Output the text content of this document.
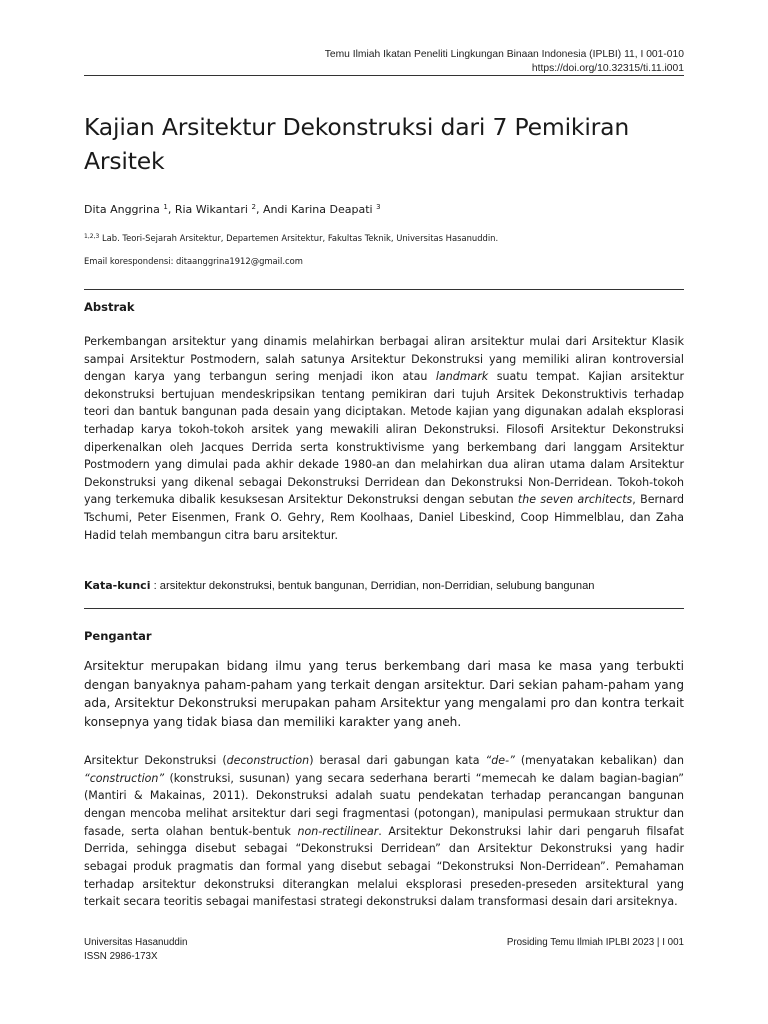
Temu Ilmiah Ikatan Peneliti Lingkungan Binaan Indonesia (IPLBI) 11, I 001-010
https://doi.org/10.32315/ti.11.i001
Kajian Arsitektur Dekonstruksi dari 7 Pemikiran Arsitek
Dita Anggrina $^1$, Ria Wikantari $^2$, Andi Karina Deapati $^3$
$^{1,2,3}$ Lab. Teori-Sejarah Arsitektur, Departemen Arsitektur, Fakultas Teknik, Universitas Hasanuddin.
Email korespondensi: ditaanggrina1912@gmail.com
Abstrak

Perkembangan arsitektur yang dinamis melahirkan berbagai aliran arsitektur mulai dari Arsitektur Klasik sampai Arsitektur Postmodern, salah satunya Arsitektur Dekonstruksi yang memiliki aliran kontroversial dengan karya yang terbangun sering menjadi ikon atau landmark suatu tempat. Kajian arsitektur dekonstruksi bertujuan mendeskripsikan tentang pemikiran dari tujuh Arsitek Dekonstruktivis terhadap teori dan bantuk bangunan pada desain yang diciptakan. Metode kajian yang digunakan adalah eksplorasi terhadap karya tokoh-tokoh arsitek yang mewakili aliran Dekonstruksi. Filosofi Arsitektur Dekonstruksi diperkenalkan oleh Jacques Derrida serta konstruktivisme yang berkembang dari langgam Arsitektur Postmodern yang dimulai pada akhir dekade 1980-an dan melahirkan dua aliran utama dalam Arsitektur Dekonstruksi yang dikenal sebagai Dekonstruksi Derridean dan Dekonstruksi Non-Derridean. Tokoh-tokoh yang terkemuka dibalik kesuksesan Arsitektur Dekonstruksi dengan sebutan the seven architects, Bernard Tschumi, Peter Eisenmen, Frank O. Gehry, Rem Koolhaas, Daniel Libeskind, Coop Himmelblau, dan Zaha Hadid telah membangun citra baru arsitektur.

Kata-kunci : arsitektur dekonstruksi, bentuk bangunan, Derridian, non-Derridian, selubung bangunan

Pengantar

Arsitektur merupakan bidang ilmu yang terus berkembang dari masa ke masa yang terbukti dengan banyaknya paham-paham yang terkait dengan arsitektur. Dari sekian paham-paham yang ada, Arsitektur Dekonstruksi merupakan paham Arsitektur yang mengalami pro dan kontra terkait konsepnya yang tidak biasa dan memiliki karakter yang aneh.

Arsitektur Dekonstruksi (deconstruction) berasal dari gabungan kata “de-” (menyatakan kebalikan) dan “construction” (konstruksi, susunan) yang secara sederhana berarti “memecah ke dalam bagian-bagian” (Mantiri & Makainas, 2011). Dekonstruksi adalah suatu pendekatan terhadap perancangan bangunan dengan mencoba melihat arsitektur dari segi fragmentasi (potongan), manipulasi permukaan struktur dan fasade, serta olahan bentuk-bentuk non-rectilinear. Arsitektur Dekonstruksi lahir dari pengaruh filsafat Derrida, sehingga disebut sebagai “Dekonstruksi Derridean” dan Arsitektur Dekonstruksi yang hadir sebagai produk pragmatis dan formal yang disebut sebagai “Dekonstruksi Non-Derridean”. Pemahaman terhadap arsitektur dekonstruksi diterangkan melalui eksplorasi preseden-preseden arsitektural yang terkait secara teoritis sebagai manifestasi strategi dekonstruksi dalam transformasi desain dari arsiteknya.

Universitas Hasanuddin
ISSN 2986-173X
Prosiding Temu Ilmiah IPLBI 2023 | I 001
